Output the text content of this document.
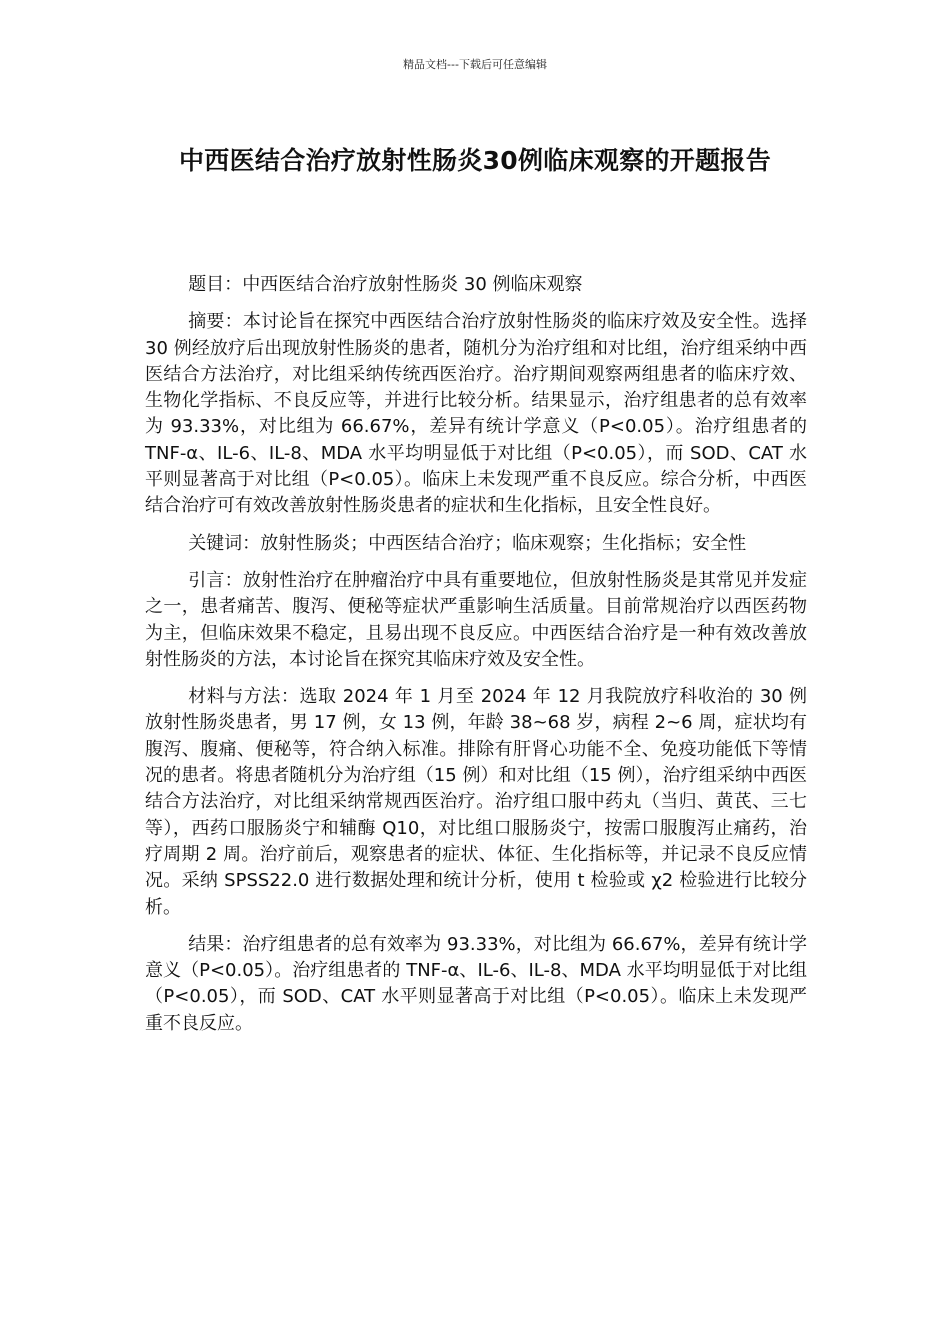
精品文档---下载后可任意编辑
中西医结合治疗放射性肠炎30例临床观察的开题报告

题目：中西医结合治疗放射性肠炎 30 例临床观察

摘要：本讨论旨在探究中西医结合治疗放射性肠炎的临床疗效及安全性。选择 30 例经放疗后出现放射性肠炎的患者，随机分为治疗组和对比组，治疗组采纳中西医结合方法治疗，对比组采纳传统西医治疗。治疗期间观察两组患者的临床疗效、生物化学指标、不良反应等，并进行比较分析。结果显示，治疗组患者的总有效率为 93.33%，对比组为 66.67%，差异有统计学意义（P<0.05）。治疗组患者的 TNF-α、IL-6、IL-8、MDA 水平均明显低于对比组（P<0.05），而 SOD、CAT 水平则显著高于对比组（P<0.05）。临床上未发现严重不良反应。综合分析，中西医结合治疗可有效改善放射性肠炎患者的症状和生化指标，且安全性良好。

关键词：放射性肠炎；中西医结合治疗；临床观察；生化指标；安全性

引言：放射性治疗在肿瘤治疗中具有重要地位，但放射性肠炎是其常见并发症之一，患者痛苦、腹泻、便秘等症状严重影响生活质量。目前常规治疗以西医药物为主，但临床效果不稳定，且易出现不良反应。中西医结合治疗是一种有效改善放射性肠炎的方法，本讨论旨在探究其临床疗效及安全性。

材料与方法：选取 2024 年 1 月至 2024 年 12 月我院放疗科收治的 30 例放射性肠炎患者，男 17 例，女 13 例，年龄 38~68 岁，病程 2~6 周，症状均有腹泻、腹痛、便秘等，符合纳入标准。排除有肝肾心功能不全、免疫功能低下等情况的患者。将患者随机分为治疗组（15 例）和对比组（15 例），治疗组采纳中西医结合方法治疗，对比组采纳常规西医治疗。治疗组口服中药丸（当归、黄芪、三七等），西药口服肠炎宁和辅酶 Q10，对比组口服肠炎宁，按需口服腹泻止痛药，治疗周期 2 周。治疗前后，观察患者的症状、体征、生化指标等，并记录不良反应情况。采纳 SPSS22.0 进行数据处理和统计分析，使用 t 检验或 χ2 检验进行比较分析。

结果：治疗组患者的总有效率为 93.33%，对比组为 66.67%，差异有统计学意义（P<0.05）。治疗组患者的 TNF-α、IL-6、IL-8、MDA 水平均明显低于对比组（P<0.05），而 SOD、CAT 水平则显著高于对比组（P<0.05）。临床上未发现严重不良反应。
